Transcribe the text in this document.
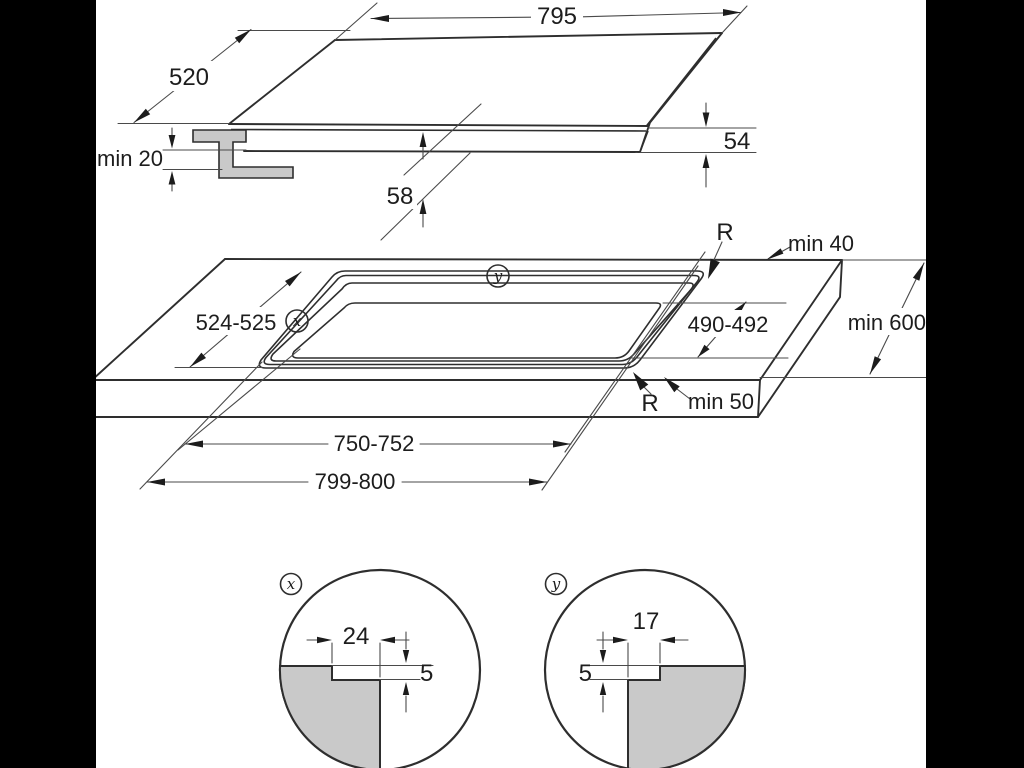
795
520
min 20
58
54
x
y
524-525	490-492
R min 40
min 600
min 50
R
750-752
799-800
x
24
5
y
17
5
